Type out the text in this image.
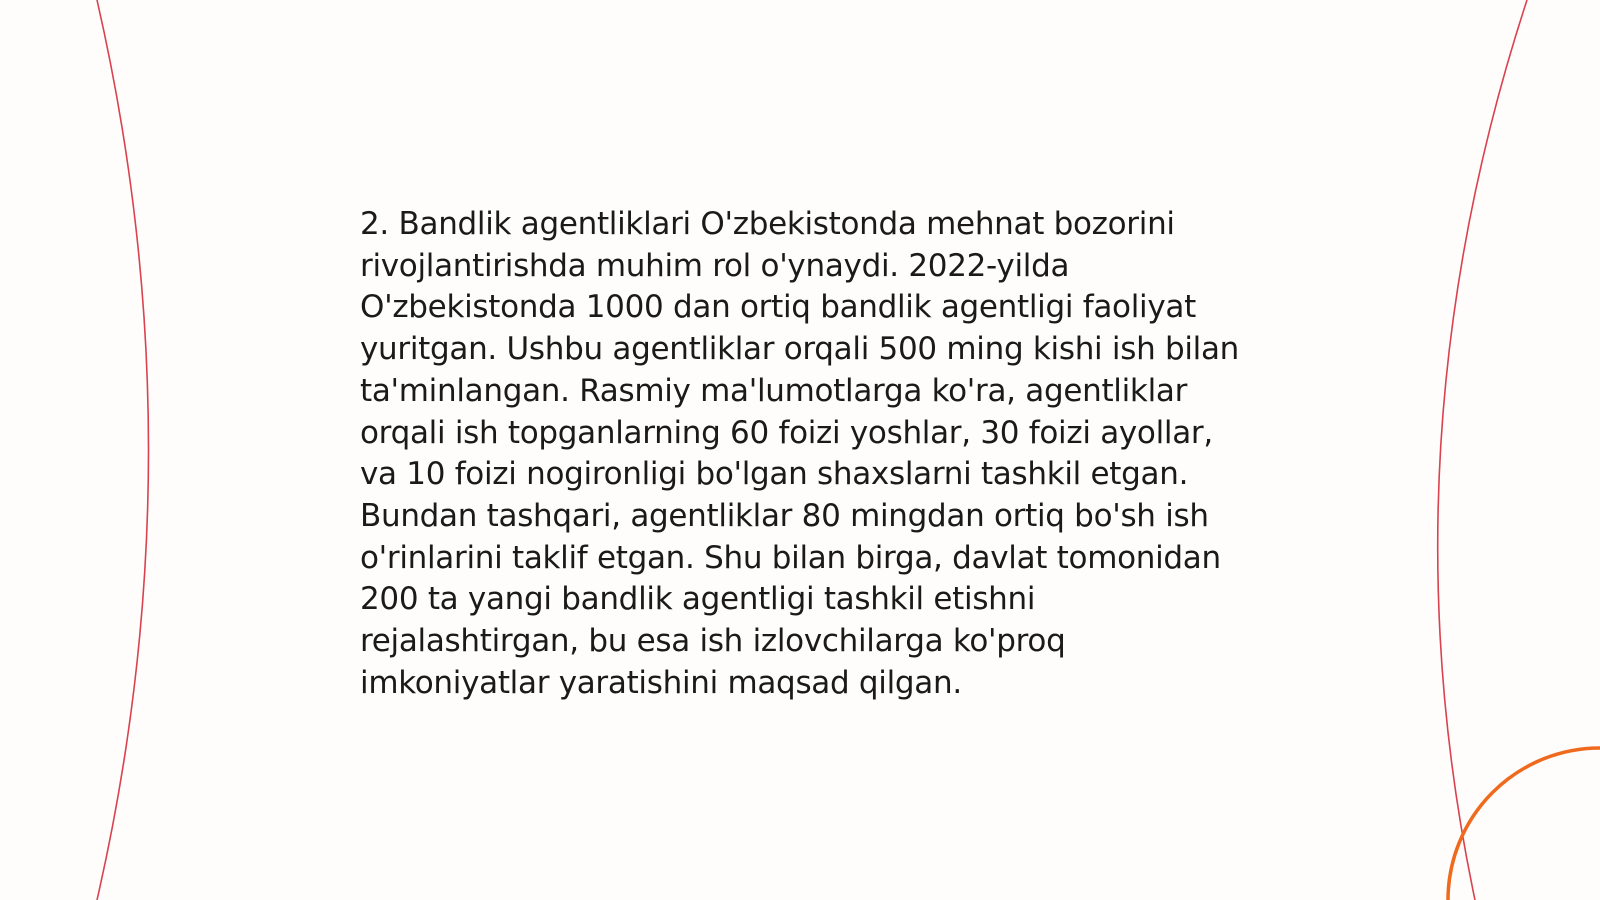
2. Bandlik agentliklari O'zbekistonda mehnat bozorini rivojlantirishda muhim rol o'ynaydi. 2022-yilda O'zbekistonda 1000 dan ortiq bandlik agentligi faoliyat yuritgan. Ushbu agentliklar orqali 500 ming kishi ish bilan ta'minlangan. Rasmiy ma'lumotlarga ko'ra, agentliklar orqali ish topganlarning 60 foizi yoshlar, 30 foizi ayollar, va 10 foizi nogironligi bo'lgan shaxslarni tashkil etgan. Bundan tashqari, agentliklar 80 mingdan ortiq bo'sh ish o'rinlarini taklif etgan. Shu bilan birga, davlat tomonidan 200 ta yangi bandlik agentligi tashkil etishni rejalashtirgan, bu esa ish izlovchilarga ko'proq imkoniyatlar yaratishini maqsad qilgan.
